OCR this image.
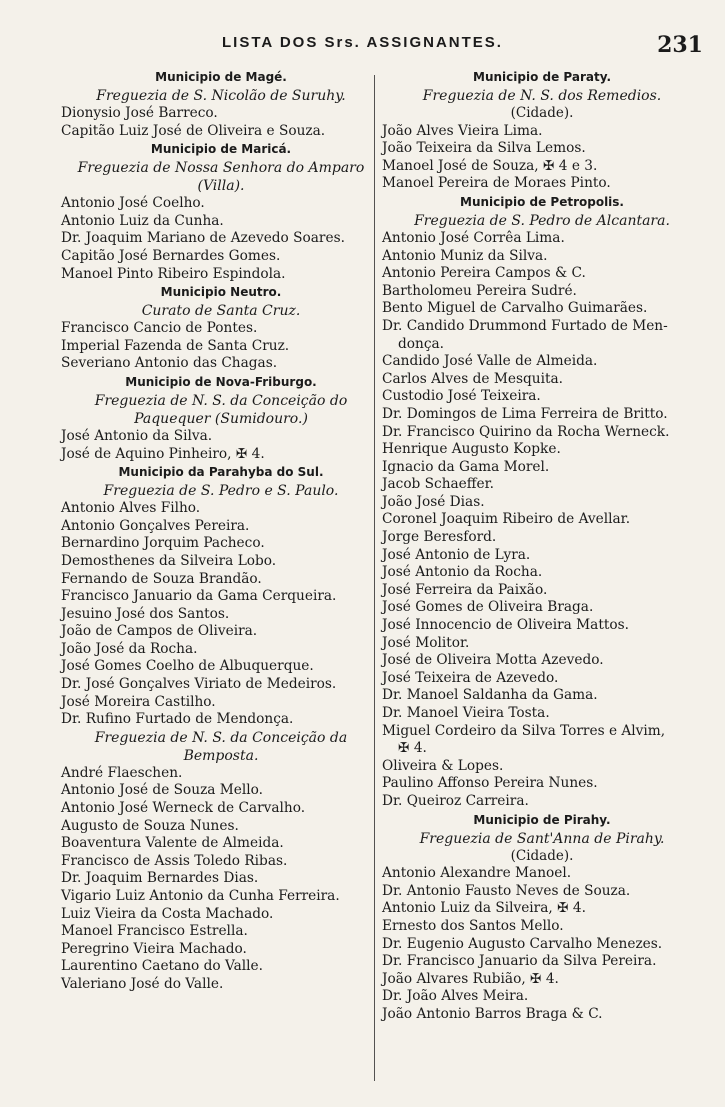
LISTA DOS Srs. ASSIGNANTES.	231
Municipio de Magé.
Freguezia de S. Nicolão de Suruhy.
Dionysio José Barreco.
Capitão Luiz José de Oliveira e Souza.
Municipio de Maricá.
Freguezia de Nossa Senhora do Amparo
(Villa).
Antonio José Coelho.
Antonio Luiz da Cunha.
Dr. Joaquim Mariano de Azevedo Soares.
Capitão José Bernardes Gomes.
Manoel Pinto Ribeiro Espindola.
Municipio Neutro.
Curato de Santa Cruz.
Francisco Cancio de Pontes.
Imperial Fazenda de Santa Cruz.
Severiano Antonio das Chagas.
Municipio de Nova-Friburgo.
Freguezia de N. S. da Conceição do
Paquequer (Sumidouro.)
José Antonio da Silva.
José de Aquino Pinheiro, ✠ 4.
Municipio da Parahyba do Sul.
Freguezia de S. Pedro e S. Paulo.
Antonio Alves Filho.
Antonio Gonçalves Pereira.
Bernardino Jorquim Pacheco.
Demosthenes da Silveira Lobo.
Fernando de Souza Brandão.
Francisco Januario da Gama Cerqueira.
Jesuino José dos Santos.
João de Campos de Oliveira.
João José da Rocha.
José Gomes Coelho de Albuquerque.
Dr. José Gonçalves Viriato de Medeiros.
José Moreira Castilho.
Dr. Rufino Furtado de Mendonça.
Freguezia de N. S. da Conceição da
Bemposta.
André Flaeschen.
Antonio José de Souza Mello.
Antonio José Werneck de Carvalho.
Augusto de Souza Nunes.
Boaventura Valente de Almeida.
Francisco de Assis Toledo Ribas.
Dr. Joaquim Bernardes Dias.
Vigario Luiz Antonio da Cunha Ferreira.
Luiz Vieira da Costa Machado.
Manoel Francisco Estrella.
Peregrino Vieira Machado.
Laurentino Caetano do Valle.
Valeriano José do Valle.
Municipio de Paraty.
Freguezia de N. S. dos Remedios.
(Cidade).
João Alves Vieira Lima.
João Teixeira da Silva Lemos.
Manoel José de Souza, ✠ 4 e 3.
Manoel Pereira de Moraes Pinto.
Municipio de Petropolis.
Freguezia de S. Pedro de Alcantara.
Antonio José Corrêa Lima.
Antonio Muniz da Silva.
Antonio Pereira Campos & C.
Bartholomeu Pereira Sudré.
Bento Miguel de Carvalho Guimarães.
Dr. Candido Drummond Furtado de Men-
donça.
Candido José Valle de Almeida.
Carlos Alves de Mesquita.
Custodio José Teixeira.
Dr. Domingos de Lima Ferreira de Britto.
Dr. Francisco Quirino da Rocha Werneck.
Henrique Augusto Kopke.
Ignacio da Gama Morel.
Jacob Schaeffer.
João José Dias.
Coronel Joaquim Ribeiro de Avellar.
Jorge Beresford.
José Antonio de Lyra.
José Antonio da Rocha.
José Ferreira da Paixão.
José Gomes de Oliveira Braga.
José Innocencio de Oliveira Mattos.
José Molitor.
José de Oliveira Motta Azevedo.
José Teixeira de Azevedo.
Dr. Manoel Saldanha da Gama.
Dr. Manoel Vieira Tosta.
Miguel Cordeiro da Silva Torres e Alvim,
✠ 4.
Oliveira & Lopes.
Paulino Affonso Pereira Nunes.
Dr. Queiroz Carreira.
Municipio de Pirahy.
Freguezia de Sant'Anna de Pirahy.
(Cidade).
Antonio Alexandre Manoel.
Dr. Antonio Fausto Neves de Souza.
Antonio Luiz da Silveira, ✠ 4.
Ernesto dos Santos Mello.
Dr. Eugenio Augusto Carvalho Menezes.
Dr. Francisco Januario da Silva Pereira.
João Alvares Rubião, ✠ 4.
Dr. João Alves Meira.
João Antonio Barros Braga & C.
